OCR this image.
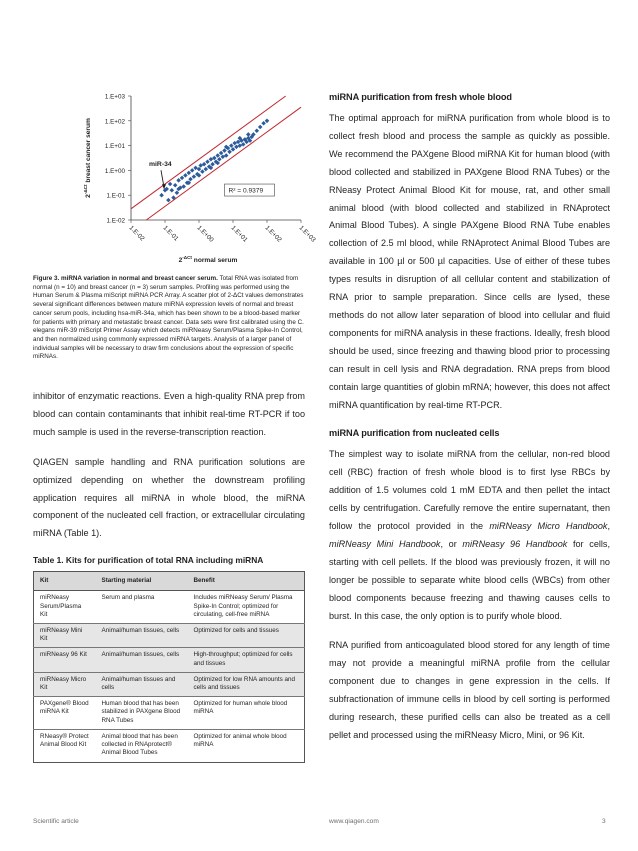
1.E-02
1.E-02
1.E-01
1.E-01
1.E+00
1.E+00
1.E+01
1.E+01
1.E+02
1.E+02
1.E+03
1.E+03
miR-34
R² = 0.9379
$2^{-\Delta Ct}$ normal serum
$2^{-\Delta Ct}$ breast cancer serum

Figure 3. miRNA variation in normal and breast cancer serum. Total RNA was isolated from normal (n = 10) and breast cancer (n = 3) serum samples. Profiling was performed using the Human Serum & Plasma miScript miRNA PCR Array. A scatter plot of 2-ΔCt values demonstrates several significant differences between mature miRNA expression levels of normal and breast cancer serum pools, including hsa-miR-34a, which has been shown to be a blood-based marker for patients with primary and metastatic breast cancer. Data sets were first calibrated using the C. elegans miR-39 miScript Primer Assay which detects miRNeasy Serum/Plasma Spike-In Control, and then normalized using commonly expressed miRNA targets. Analysis of a larger panel of individual samples will be necessary to draw firm conclusions about the expression of specific miRNAs.

inhibitor of enzymatic reactions. Even a high-quality RNA prep from blood can contain contaminants that inhibit real-time RT-PCR if too much sample is used in the reverse-transcription reaction.

QIAGEN sample handling and RNA purification solutions are optimized depending on whether the downstream profiling application requires all miRNA in whole blood, the miRNA component of the nucleated cell fraction, or extracellular circulating miRNA (Table 1).

Table 1. Kits for purification of total RNA including miRNA

Kit	Starting material	Benefit
miRNeasy Serum/Plasma Kit	Serum and plasma	Includes miRNeasy Serum/ Plasma Spike-In Control; optimized for circulating, cell-free miRNA
miRNeasy Mini Kit	Animal/human tissues, cells	Optimized for cells and tissues
miRNeasy 96 Kit	Animal/human tissues, cells	High-throughput; optimized for cells and tissues
miRNeasy Micro Kit	Animal/human tissues and cells	Optimized for low RNA amounts and cells and tissues
PAXgene® Blood miRNA Kit	Human blood that has been stabilized in PAXgene Blood RNA Tubes	Optimized for human whole blood miRNA
RNeasy® Protect Animal Blood Kit	Animal blood that has been collected in RNAprotect® Animal Blood Tubes	Optimized for animal whole blood miRNA
miRNA purification from fresh whole blood

The optimal approach for miRNA purification from whole blood is to collect fresh blood and process the sample as quickly as possible. We recommend the PAXgene Blood miRNA Kit for human blood (with blood collected and stabilized in PAXgene Blood RNA Tubes) or the RNeasy Protect Animal Blood Kit for mouse, rat, and other small animal blood (with blood collected and stabilized in RNAprotect Animal Blood Tubes). A single PAXgene Blood RNA Tube enables collection of 2.5 ml blood, while RNAprotect Animal Blood Tubes are available in 100 µl or 500 µl capacities. Use of either of these tubes types results in disruption of all cellular content and stabilization of RNA prior to sample preparation. Since cells are lysed, these methods do not allow later separation of blood into cellular and fluid components for miRNA analysis in these fractions. Ideally, fresh blood should be used, since freezing and thawing blood prior to processing can result in cell lysis and RNA degradation. RNA preps from blood contain large quantities of globin mRNA; however, this does not affect miRNA quantification by real-time RT-PCR.

miRNA purification from nucleated cells

The simplest way to isolate miRNA from the cellular, non-red blood cell (RBC) fraction of fresh whole blood is to first lyse RBCs by addition of 1.5 volumes cold 1 mM EDTA and then pellet the intact cells by centrifugation. Carefully remove the entire supernatant, then follow the protocol provided in the miRNeasy Micro Handbook, miRNeasy Mini Handbook, or miRNeasy 96 Handbook for cells, starting with cell pellets. If the blood was previously frozen, it will no longer be possible to separate white blood cells (WBCs) from other blood components because freezing and thawing causes cells to burst. In this case, the only option is to purify whole blood.

RNA purified from anticoagulated blood stored for any length of time may not provide a meaningful miRNA profile from the cellular component due to changes in gene expression in the cells. If subfractionation of immune cells in blood by cell sorting is performed during research, these purified cells can also be treated as a cell pellet and processed using the miRNeasy Micro, Mini, or 96 Kit.

Scientific article	www.qiagen.com	3
